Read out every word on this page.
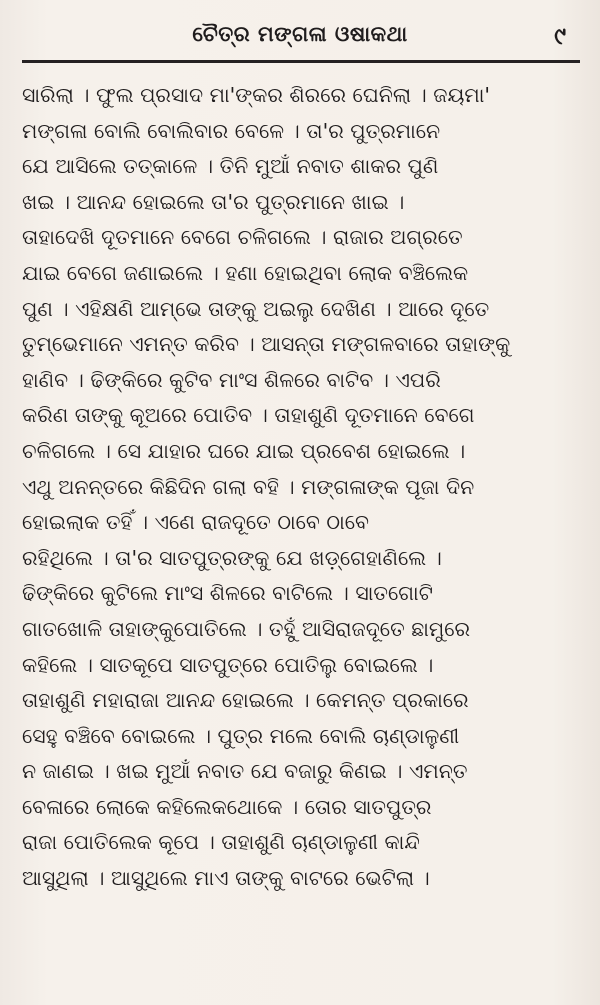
ଚୈତ୍ର ମଙ୍ଗଳା ଓଷାକଥା	୯
ସାରିଲା । ଫୁଲ ପ୍ରସାଦ ମା'ଙ୍କର ଶିରରେ ଘେନିଲା । ଜୟମା'
ମଙ୍ଗଳା ବୋଲି ବୋଲିବାର ବେଳେ । ତା'ର ପୁତ୍ରମାନେ
ଯେ ଆସିଲେ ତତ୍‌କାଳେ । ତିନି ମୁଆଁ ନବାତ ଶାକର ପୁଣି
ଖଇ । ଆନନ୍ଦ ହୋଇଲେ ତା'ର ପୁତ୍ରମାନେ ଖାଇ ।
ତାହାଦେଖି ଦୂତମାନେ ବେଗେ ଚଳିଗଲେ । ରାଜାର ଅଗ୍ରତେ
ଯାଇ ବେଗେ ଜଣାଇଲେ । ହଣା ହୋଇଥିବା ଲୋକ ବଞ୍ଚିଲେକ
ପୁଣ । ଏହିକ୍ଷଣି ଆମ୍ଭେ ତାଙ୍କୁ ଅଇଲୁ ଦେଖିଣ । ଆରେ ଦୂତେ
ତୁମ୍ଭେମାନେ ଏମନ୍ତ କରିବ । ଆସନ୍ତା ମଙ୍ଗଳବାରେ ତାହାଙ୍କୁ
ହାଣିବ । ଢିଙ୍କିରେ କୁଟିବ ମାଂସ ଶିଳରେ ବାଟିବ । ଏପରି
କରିଣ ତାଙ୍କୁ କୂଅରେ ପୋତିବ । ତାହାଶୁଣି ଦୂତମାନେ ବେଗେ
ଚଳିଗଲେ । ସେ ଯାହାର ଘରେ ଯାଇ ପ୍ରବେଶ ହୋଇଲେ ।
ଏଥୁ ଅନନ୍ତରେ କିଛିଦିନ ଗଲା ବହି । ମଙ୍ଗଳାଙ୍କ ପୂଜା ଦିନ
ହୋଇଲାକ ତହିଁ । ଏଣେ ରାଜଦୂତେ ଠାବେ ଠାବେ
ରହିଥିଲେ । ତା'ର ସାତପୁତ୍ରଙ୍କୁ ଯେ ଖଡ଼୍‌ଗେହାଣିଲେ ।
ଢିଙ୍କିରେ କୁଟିଲେ ମାଂସ ଶିଳରେ ବାଟିଲେ । ସାତଗୋଟି
ଗାତଖୋଳି ତାହାଙ୍କୁପୋତିଲେ । ତହୁଁ ଆସିରାଜଦୂତେ ଛାମୁରେ
କହିଲେ । ସାତକୂପେ ସାତପୁତ୍ରେ ପୋତିଲୁ ବୋଇଲେ ।
ତାହାଶୁଣି ମହାରାଜା ଆନନ୍ଦ ହୋଇଲେ । କେମନ୍ତ ପ୍ରକାରେ
ସେହୁ ବଞ୍ଚିବେ ବୋଇଲେ । ପୁତ୍ର ମଲେ ବୋଲି ଚାଣ୍ଡାଳୁଣୀ
ନ ଜାଣଇ । ଖଇ ମୁଆଁ ନବାତ ଯେ ବଜାରୁ କିଣଇ । ଏମନ୍ତ
ବେଳାରେ ଲୋକେ କହିଲେକଥୋକେ । ତୋର ସାତପୁତ୍ର
ରାଜା ପୋତିଲେକ କୂପେ । ତାହାଶୁଣି ଚାଣ୍ଡାଳୁଣୀ କାନ୍ଦି
ଆସୁଥିଲା । ଆସୁଥିଲେ ମାଏ ତାଙ୍କୁ ବାଟରେ ଭେଟିଲା ।
